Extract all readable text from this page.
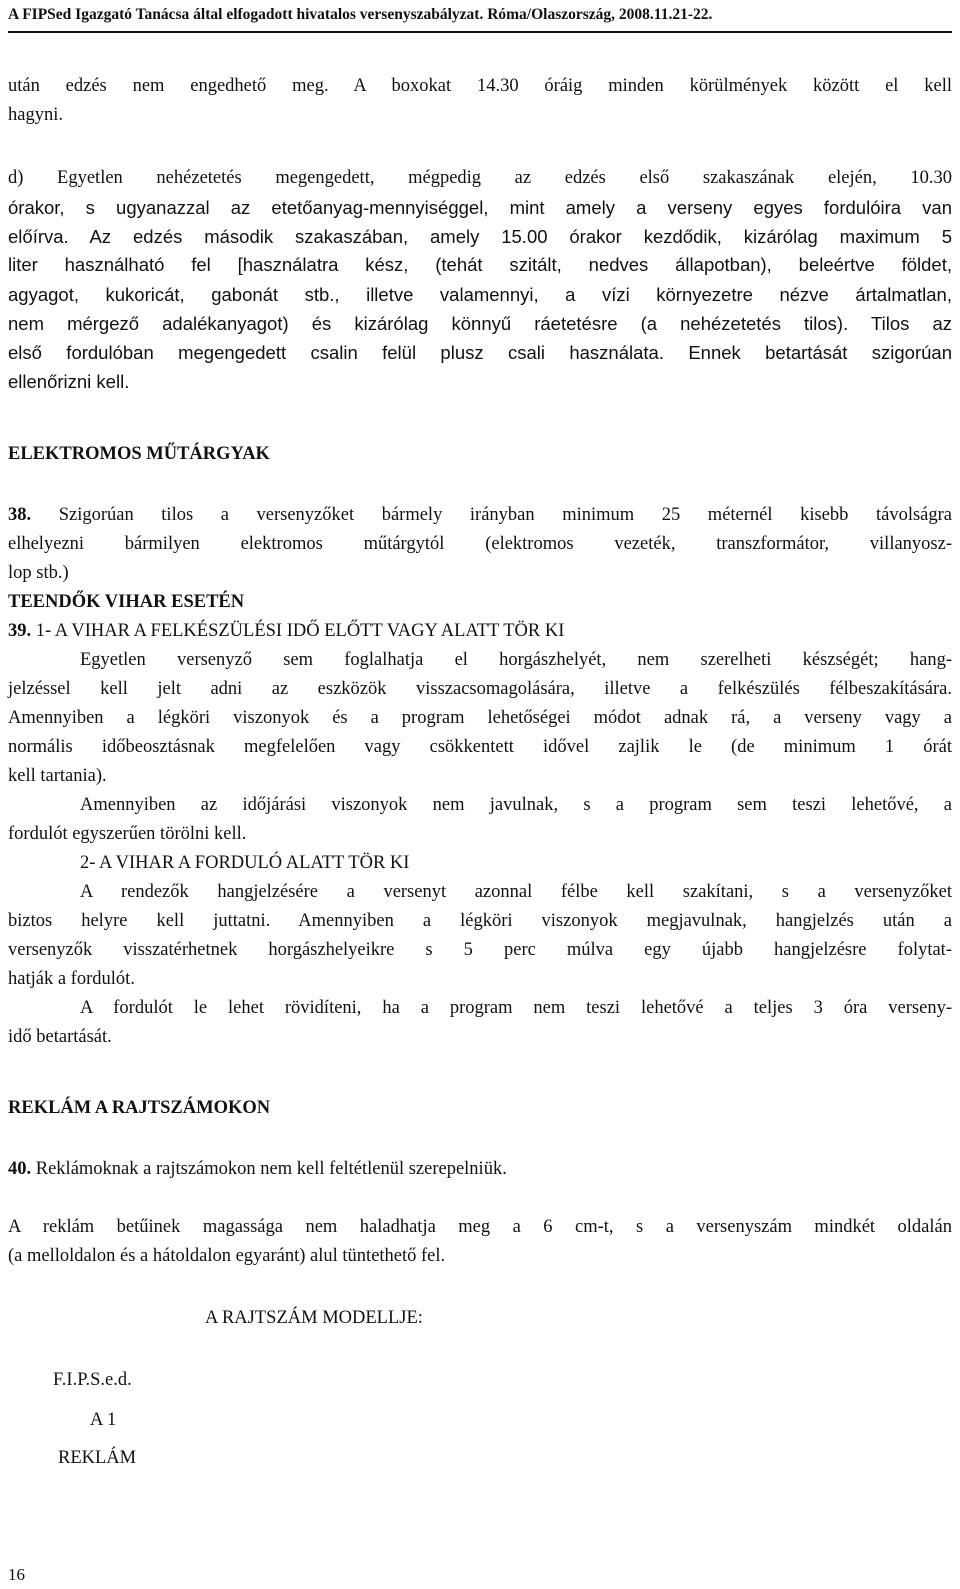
A FIPSed Igazgató Tanácsa által elfogadott hivatalos versenyszabályzat. Róma/Olaszország, 2008.11.21-22.
után edzés nem engedhető meg. A boxokat 14.30 óráig minden körülmények között el kell
hagyni.
d) Egyetlen nehézetetés megengedett, mégpedig az edzés első szakaszának elején, 10.30
órakor, s ugyanazzal az etetőanyag-mennyiséggel, mint amely a verseny egyes fordulóira van
előírva. Az edzés második szakaszában, amely 15.00 órakor kezdődik, kizárólag maximum 5
liter használható fel [használatra kész, (tehát szitált, nedves állapotban), beleértve földet,
agyagot, kukoricát, gabonát stb., illetve valamennyi, a vízi környezetre nézve ártalmatlan,
nem mérgező adalékanyagot) és kizárólag könnyű ráetetésre (a nehézetetés tilos). Tilos az
első fordulóban megengedett csalin felül plusz csali használata. Ennek betartását szigorúan
ellenőrizni kell.
ELEKTROMOS MŰTÁRGYAK
38. Szigorúan tilos a versenyzőket bármely irányban minimum 25 méternél kisebb távolságra
elhelyezni bármilyen elektromos műtárgytól (elektromos vezeték, transzformátor, villanyosz-
lop stb.)
TEENDŐK VIHAR ESETÉN
39. 1- A VIHAR A FELKÉSZÜLÉSI IDŐ ELŐTT VAGY ALATT TÖR KI
Egyetlen versenyző sem foglalhatja el horgászhelyét, nem szerelheti készségét; hang-
jelzéssel kell jelt adni az eszközök visszacsomagolására, illetve a felkészülés félbeszakítására.
Amennyiben a légköri viszonyok és a program lehetőségei módot adnak rá, a verseny vagy a
normális időbeosztásnak megfelelően vagy csökkentett idővel zajlik le (de minimum 1 órát
kell tartania).
Amennyiben az időjárási viszonyok nem javulnak, s a program sem teszi lehetővé, a
fordulót egyszerűen törölni kell.
2- A VIHAR A FORDULÓ ALATT TÖR KI
A rendezők hangjelzésére a versenyt azonnal félbe kell szakítani, s a versenyzőket
biztos helyre kell juttatni. Amennyiben a légköri viszonyok megjavulnak, hangjelzés után a
versenyzők visszatérhetnek horgászhelyeikre s 5 perc múlva egy újabb hangjelzésre folytat-
hatják a fordulót.
A fordulót le lehet rövidíteni, ha a program nem teszi lehetővé a teljes 3 óra verseny-
idő betartását.
REKLÁM A RAJTSZÁMOKON
40. Reklámoknak a rajtszámokon nem kell feltétlenül szerepelniük.
A reklám betűinek magassága nem haladhatja meg a 6 cm-t, s a versenyszám mindkét oldalán
(a melloldalon és a hátoldalon egyaránt) alul tüntethető fel.
A RAJTSZÁM MODELLJE:
F.I.P.S.e.d.
A 1
REKLÁM
16
